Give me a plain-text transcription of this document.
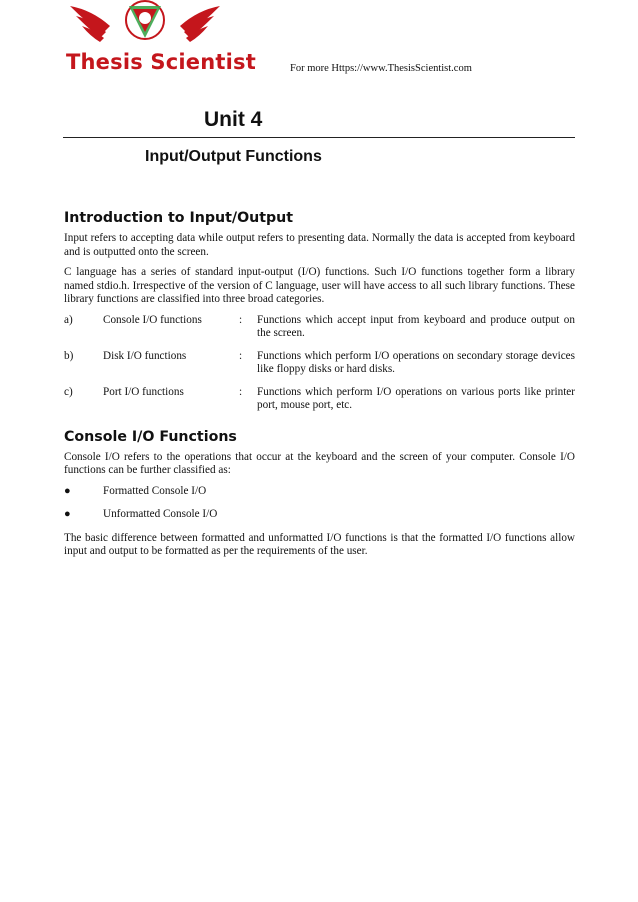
Thesis Scientist	For more Https://www.ThesisScientist.com
Unit 4
Input/Output Functions
Introduction to Input/Output

Input refers to accepting data while output refers to presenting data. Normally the data is accepted from keyboard and is outputted onto the screen.

C language has a series of standard input-output (I/O) functions. Such I/O functions together form a library named stdio.h. Irrespective of the version of C language, user will have access to all such library functions. These library functions are classified into three broad categories.

a)	Console I/O functions	:	Functions which accept input from keyboard and produce output on the screen.
b)	Disk I/O functions	:	Functions which perform I/O operations on secondary storage devices like floppy disks or hard disks.
c)	Port I/O functions	:	Functions which perform I/O operations on various ports like printer port, mouse port, etc.
Console I/O Functions

Console I/O refers to the operations that occur at the keyboard and the screen of your computer. Console I/O functions can be further classified as:

●	Formatted Console I/O
●	Unformatted Console I/O

The basic difference between formatted and unformatted I/O functions is that the formatted I/O functions allow input and output to be formatted as per the requirements of the user.
